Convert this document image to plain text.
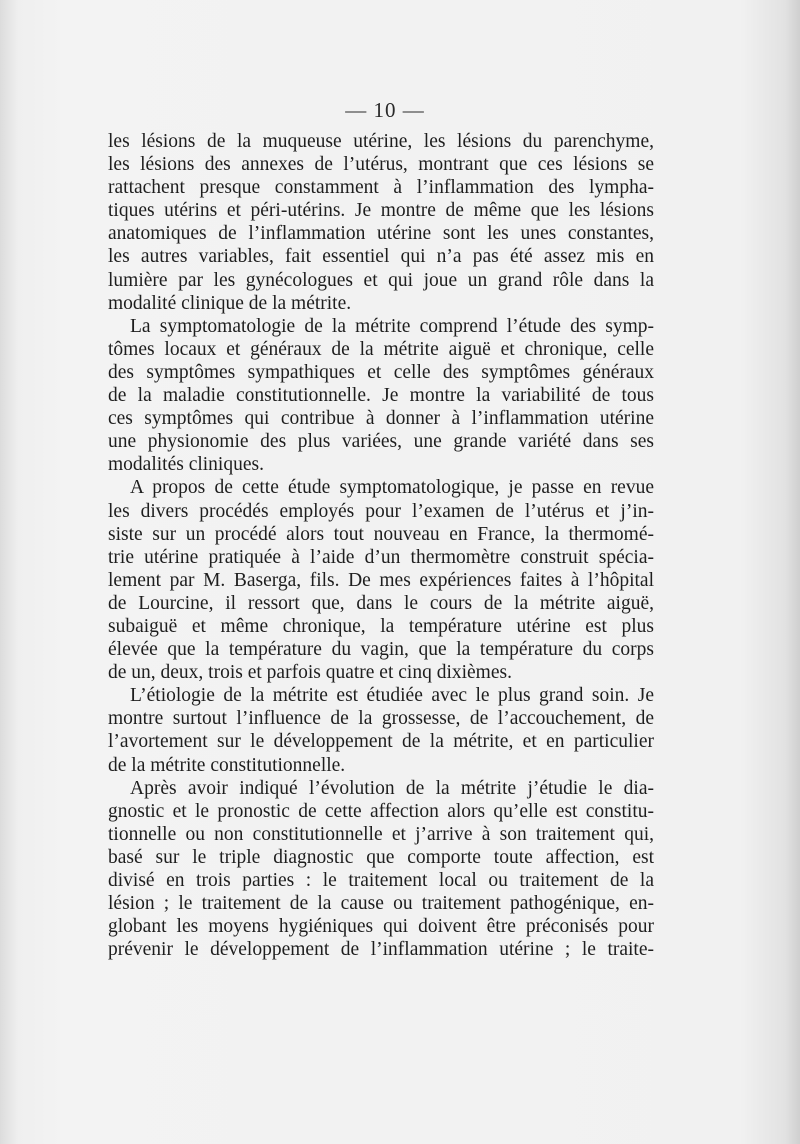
— 10 —
les lésions de la muqueuse utérine, les lésions du parenchyme,
les lésions des annexes de l’utérus, montrant que ces lésions se
rattachent presque constamment à l’inflammation des lympha-
tiques utérins et péri-utérins. Je montre de même que les lésions
anatomiques de l’inflammation utérine sont les unes constantes,
les autres variables, fait essentiel qui n’a pas été assez mis en
lumière par les gynécologues et qui joue un grand rôle dans la
modalité clinique de la métrite.
La symptomatologie de la métrite comprend l’étude des symp-
tômes locaux et généraux de la métrite aiguë et chronique, celle
des symptômes sympathiques et celle des symptômes généraux
de la maladie constitutionnelle. Je montre la variabilité de tous
ces symptômes qui contribue à donner à l’inflammation utérine
une physionomie des plus variées, une grande variété dans ses
modalités cliniques.
A propos de cette étude symptomatologique, je passe en revue
les divers procédés employés pour l’examen de l’utérus et j’in-
siste sur un procédé alors tout nouveau en France, la thermomé-
trie utérine pratiquée à l’aide d’un thermomètre construit spécia-
lement par M. Baserga, fils. De mes expériences faites à l’hôpital
de Lourcine, il ressort que, dans le cours de la métrite aiguë,
subaiguë et même chronique, la température utérine est plus
élevée que la température du vagin, que la température du corps
de un, deux, trois et parfois quatre et cinq dixièmes.
L’étiologie de la métrite est étudiée avec le plus grand soin. Je
montre surtout l’influence de la grossesse, de l’accouchement, de
l’avortement sur le développement de la métrite, et en particulier
de la métrite constitutionnelle.
Après avoir indiqué l’évolution de la métrite j’étudie le dia-
gnostic et le pronostic de cette affection alors qu’elle est constitu-
tionnelle ou non constitutionnelle et j’arrive à son traitement qui,
basé sur le triple diagnostic que comporte toute affection, est
divisé en trois parties : le traitement local ou traitement de la
lésion ; le traitement de la cause ou traitement pathogénique, en-
globant les moyens hygiéniques qui doivent être préconisés pour
prévenir le développement de l’inflammation utérine ; le traite-
